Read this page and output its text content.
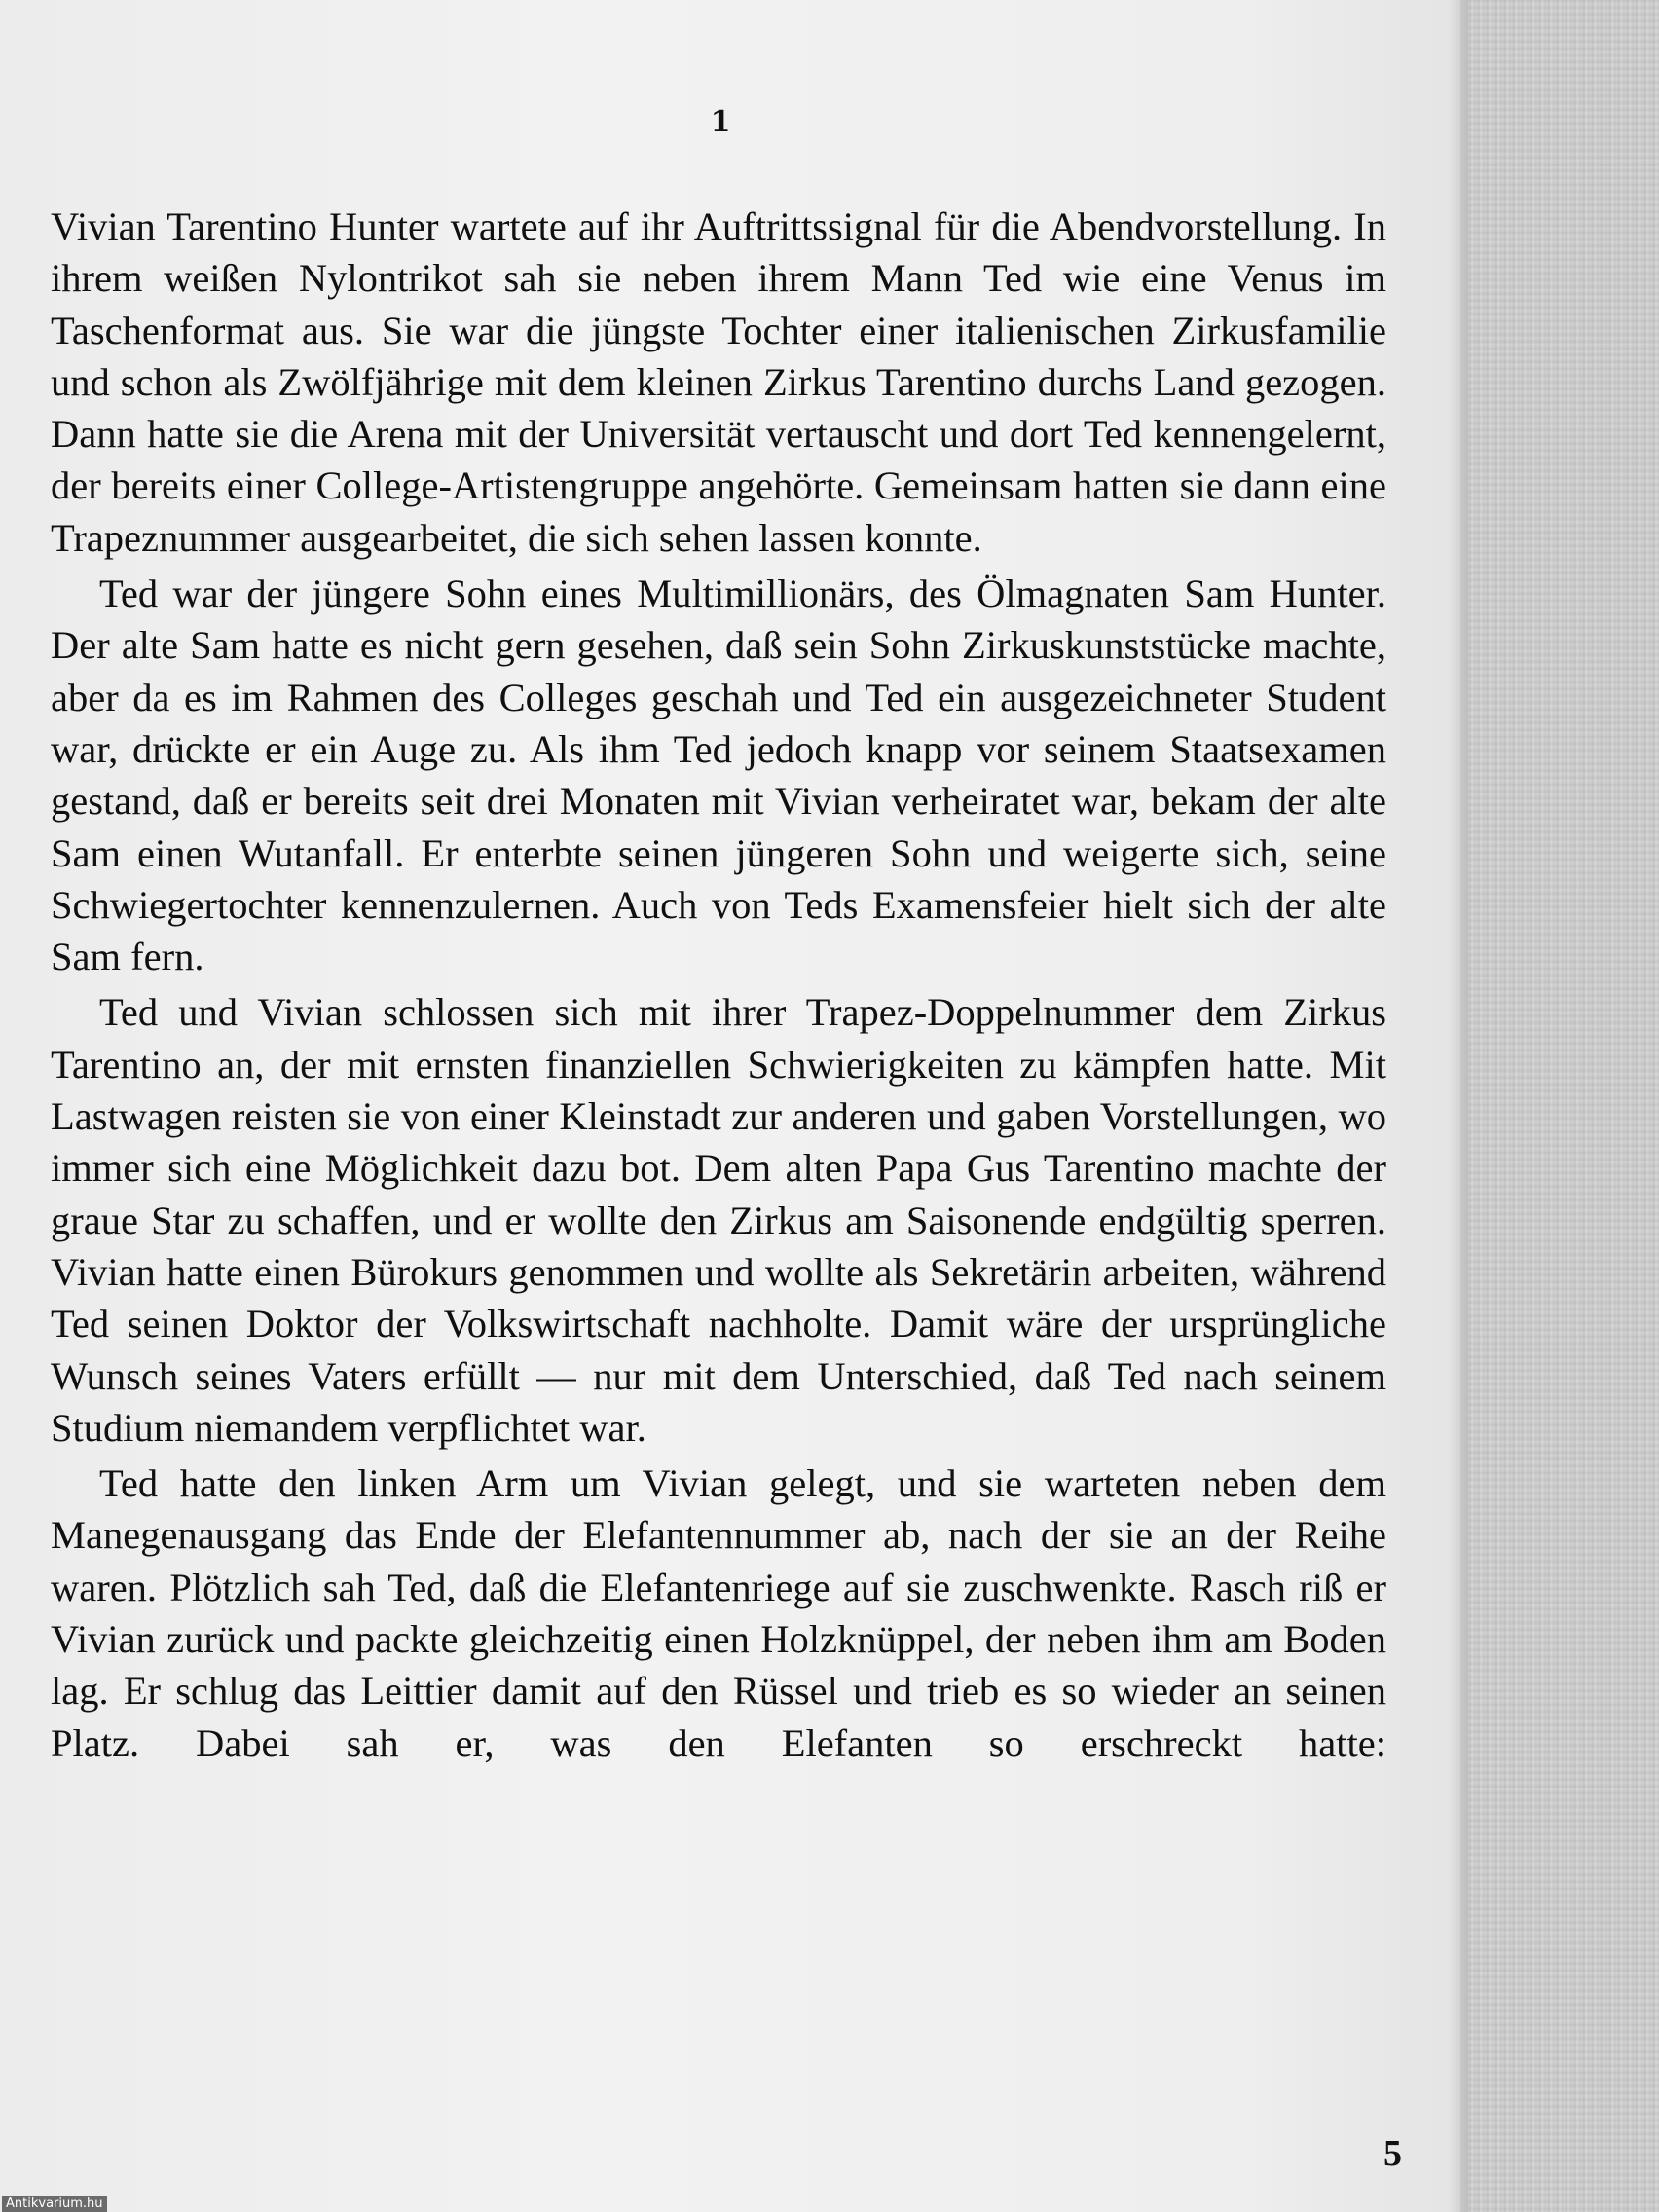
1

Vivian Tarentino Hunter wartete auf ihr Auftrittssignal für die Abendvorstellung. In ihrem weißen Nylontrikot sah sie neben ihrem Mann Ted wie eine Venus im Taschenformat aus. Sie war die jüngste Tochter einer italienischen Zirkusfamilie und schon als Zwölfjährige mit dem kleinen Zirkus Tarentino durchs Land gezogen. Dann hatte sie die Arena mit der Universität vertauscht und dort Ted kennengelernt, der bereits einer College-Artistengruppe angehörte. Gemeinsam hatten sie dann eine Trapeznummer ausgearbeitet, die sich sehen lassen konnte.

Ted war der jüngere Sohn eines Multimillionärs, des Ölmagnaten Sam Hunter. Der alte Sam hatte es nicht gern gesehen, daß sein Sohn Zirkuskunststücke machte, aber da es im Rahmen des Colleges geschah und Ted ein ausgezeichneter Student war, drückte er ein Auge zu. Als ihm Ted jedoch knapp vor seinem Staatsexamen gestand, daß er bereits seit drei Monaten mit Vivian verheiratet war, bekam der alte Sam einen Wutanfall. Er enterbte seinen jüngeren Sohn und weigerte sich, seine Schwiegertochter kennenzulernen. Auch von Teds Examensfeier hielt sich der alte Sam fern.

Ted und Vivian schlossen sich mit ihrer Trapez-Doppelnummer dem Zirkus Tarentino an, der mit ernsten finanziellen Schwierigkeiten zu kämpfen hatte. Mit Lastwagen reisten sie von einer Kleinstadt zur anderen und gaben Vorstellungen, wo immer sich eine Möglichkeit dazu bot. Dem alten Papa Gus Tarentino machte der graue Star zu schaffen, und er wollte den Zirkus am Saisonende endgültig sperren. Vivian hatte einen Bürokurs genommen und wollte als Sekretärin arbeiten, während Ted seinen Doktor der Volkswirtschaft nachholte. Damit wäre der ursprüngliche Wunsch seines Vaters erfüllt — nur mit dem Unterschied, daß Ted nach seinem Studium niemandem verpflichtet war.

Ted hatte den linken Arm um Vivian gelegt, und sie warteten neben dem Manegenausgang das Ende der Elefantennummer ab, nach der sie an der Reihe waren. Plötzlich sah Ted, daß die Elefantenriege auf sie zuschwenkte. Rasch riß er Vivian zurück und packte gleichzeitig einen Holzknüppel, der neben ihm am Boden lag. Er schlug das Leittier damit auf den Rüssel und trieb es so wieder an seinen Platz. Dabei sah er, was den Elefanten so erschreckt hatte:

5
Antikvarium.hu
